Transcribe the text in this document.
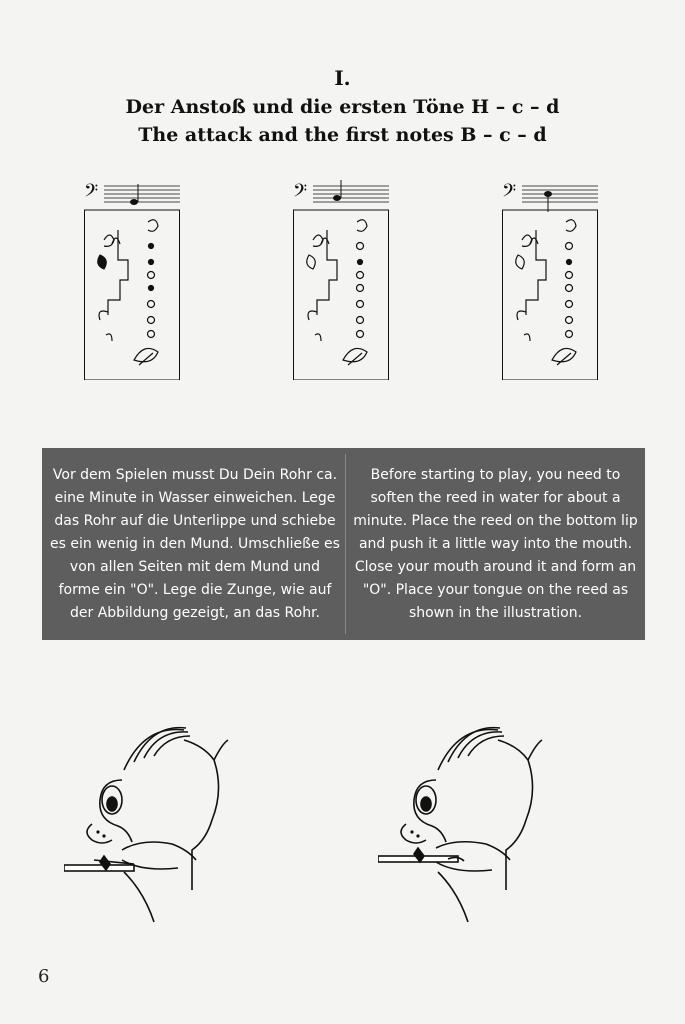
I.
Der Anstoß und die ersten Töne H – c – d
The attack and the first notes B – c – d
𝄢	𝄢	𝄢
Vor dem Spielen musst Du Dein Rohr ca. eine Minute in Wasser einweichen. Lege das Rohr auf die Unterlippe und schiebe es ein wenig in den Mund. Umschließe es von allen Seiten mit dem Mund und forme ein "O". Lege die Zunge, wie auf der Abbildung gezeigt, an das Rohr.
Before starting to play, you need to soften the reed in water for about a minute. Place the reed on the bottom lip and push it a little way into the mouth. Close your mouth around it and form an "O". Place your tongue on the reed as shown in the illustration.
6
